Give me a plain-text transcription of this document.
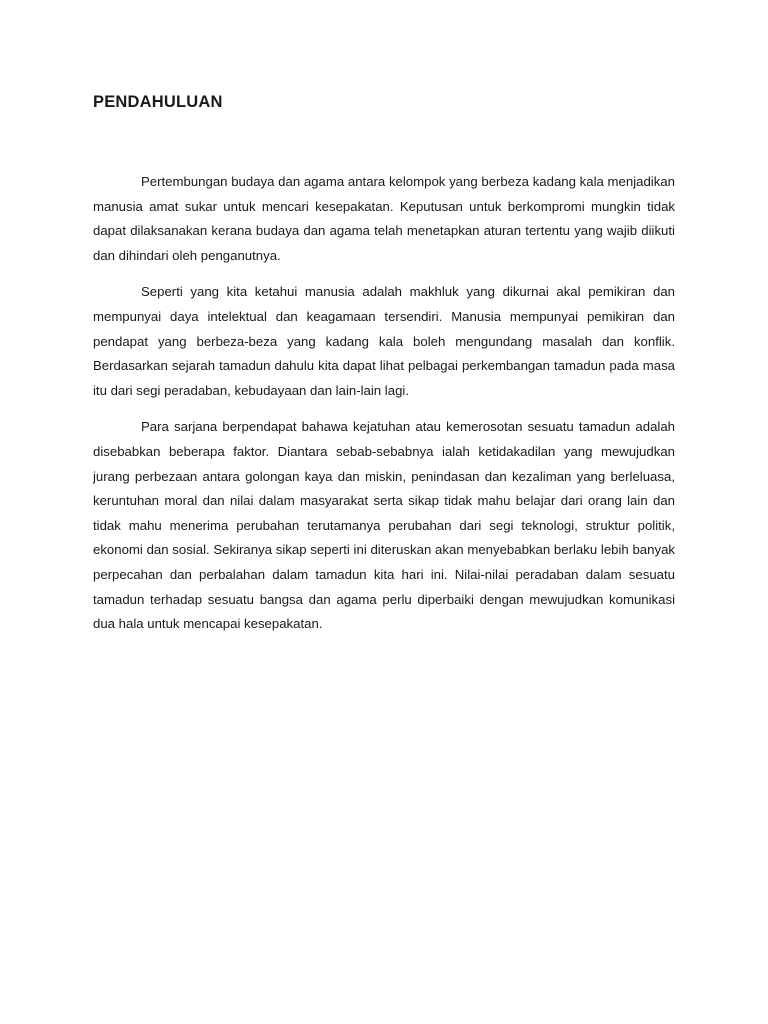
PENDAHULUAN

Pertembungan budaya dan agama antara kelompok yang berbeza kadang kala menjadikan manusia amat sukar untuk mencari kesepakatan. Keputusan untuk berkompromi mungkin tidak dapat dilaksanakan kerana budaya dan agama telah menetapkan aturan tertentu yang wajib diikuti dan dihindari oleh penganutnya.

Seperti yang kita ketahui manusia adalah makhluk yang dikurnai akal pemikiran dan mempunyai daya intelektual dan keagamaan tersendiri. Manusia mempunyai pemikiran dan pendapat yang berbeza-beza yang kadang kala boleh mengundang masalah dan konflik. Berdasarkan sejarah tamadun dahulu kita dapat lihat pelbagai perkembangan tamadun pada masa itu dari segi peradaban, kebudayaan dan lain-lain lagi.

Para sarjana berpendapat bahawa kejatuhan atau kemerosotan sesuatu tamadun adalah disebabkan beberapa faktor. Diantara sebab-sebabnya ialah ketidakadilan yang mewujudkan jurang perbezaan antara golongan kaya dan miskin, penindasan dan kezaliman yang berleluasa, keruntuhan moral dan nilai dalam masyarakat serta sikap tidak mahu belajar dari orang lain dan tidak mahu menerima perubahan terutamanya perubahan dari segi teknologi, struktur politik, ekonomi dan sosial. Sekiranya sikap seperti ini diteruskan akan menyebabkan berlaku lebih banyak perpecahan dan perbalahan dalam tamadun kita hari ini. Nilai-nilai peradaban dalam sesuatu tamadun terhadap sesuatu bangsa dan agama perlu diperbaiki dengan mewujudkan komunikasi dua hala untuk mencapai kesepakatan.
